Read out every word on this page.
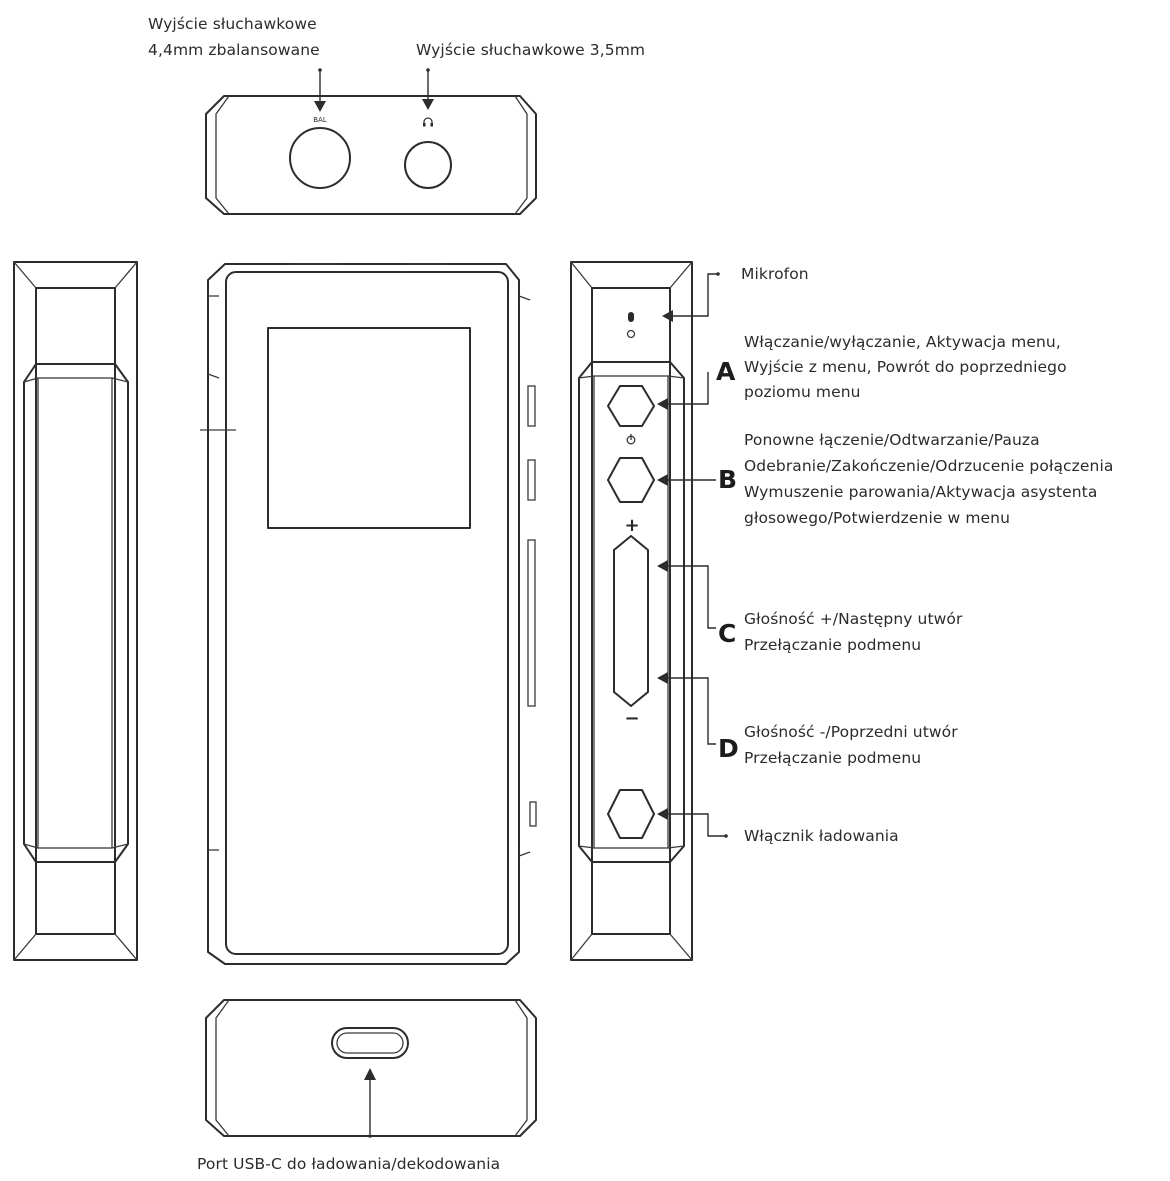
BAL
+
−
Wyjście słuchawkowe
4,4mm zbalansowane	Wyjście słuchawkowe 3,5mm
Mikrofon
A
Włączanie/wyłączanie, Aktywacja menu,
Wyjście z menu, Powrót do poprzedniego
poziomu menu
B
Ponowne łączenie/Odtwarzanie/Pauza
Odebranie/Zakończenie/Odrzucenie połączenia
Wymuszenie parowania/Aktywacja asystenta
głosowego/Potwierdzenie w menu
C Głośność +/Następny utwór
Przełączanie podmenu
D
Głośność -/Poprzedni utwór
Przełączanie podmenu
Włącznik ładowania
Port USB-C do ładowania/dekodowania
